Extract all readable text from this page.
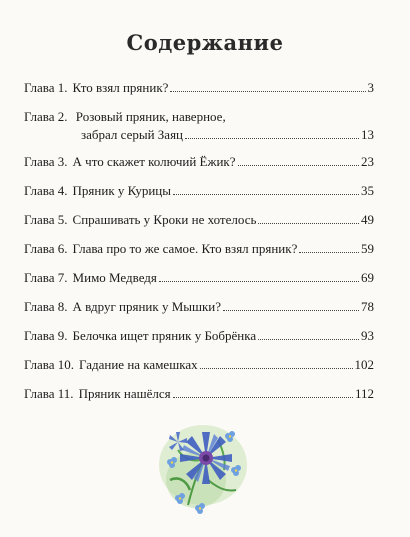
Содержание
Глава 1. Кто взял пряник?	3
Глава 2. Розовый пряник, наверное,
забрал серый Заяц	13
Глава 3. А что скажет колючий Ёжик?	23
Глава 4. Пряник у Курицы	35
Глава 5. Спрашивать у Кроки не хотелось	49
Глава 6. Глава про то же самое. Кто взял пряник?	59
Глава 7. Мимо Медведя	69
Глава 8. А вдруг пряник у Мышки?	78
Глава 9. Белочка ищет пряник у Бобрёнка	93
Глава 10. Гадание на камешках	102
Глава 11. Пряник нашёлся	112
